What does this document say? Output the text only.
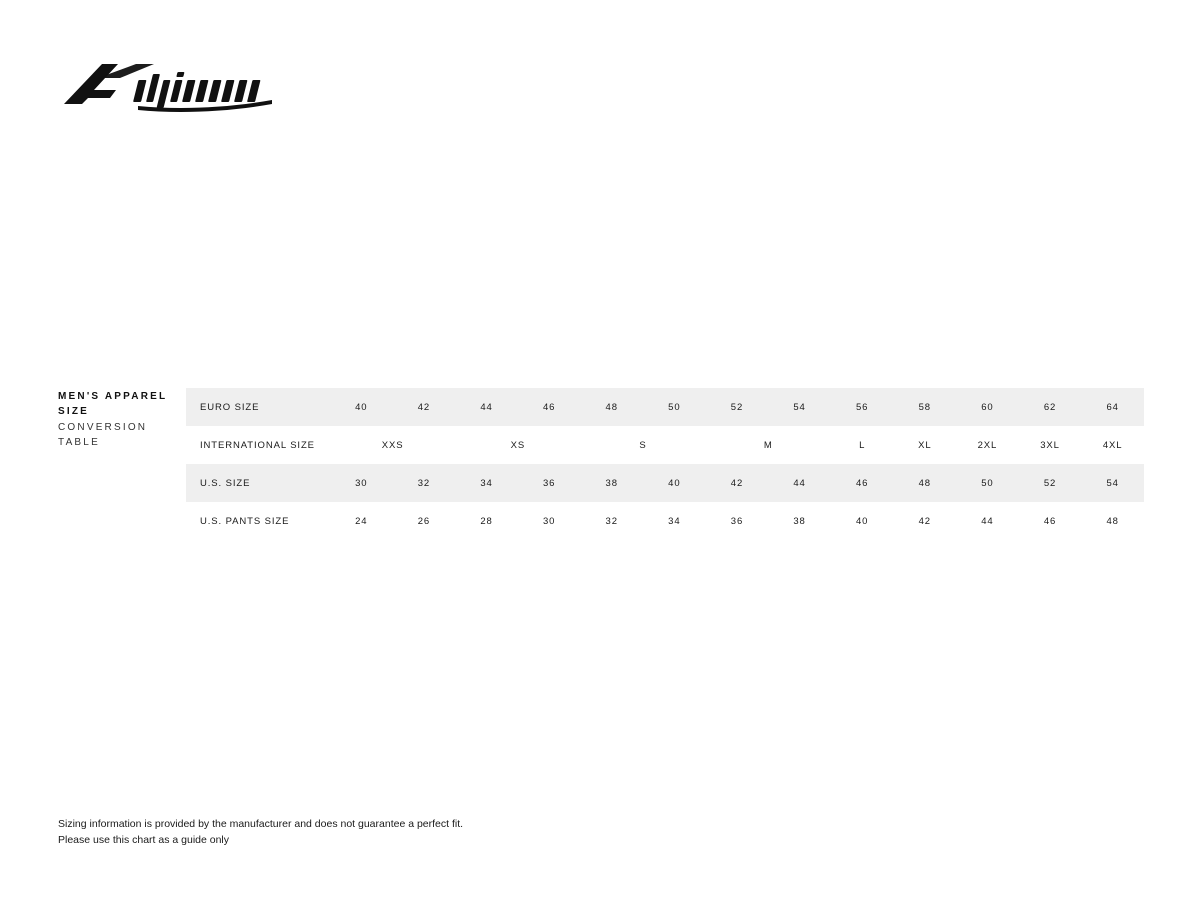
MEN'S APPAREL SIZE
CONVERSION TABLE
EURO SIZE	40	42	44	46	48	50	52	54	56	58	60	62	64
INTERNATIONAL SIZE	XXS		XS		S		M		L	XL	2XL	3XL	4XL
U.S. SIZE	30	32	34	36	38	40	42	44	46	48	50	52	54
U.S. PANTS SIZE	24	26	28	30	32	34	36	38	40	42	44	46	48
Sizing information is provided by the manufacturer and does not guarantee a perfect fit.
Please use this chart as a guide only
